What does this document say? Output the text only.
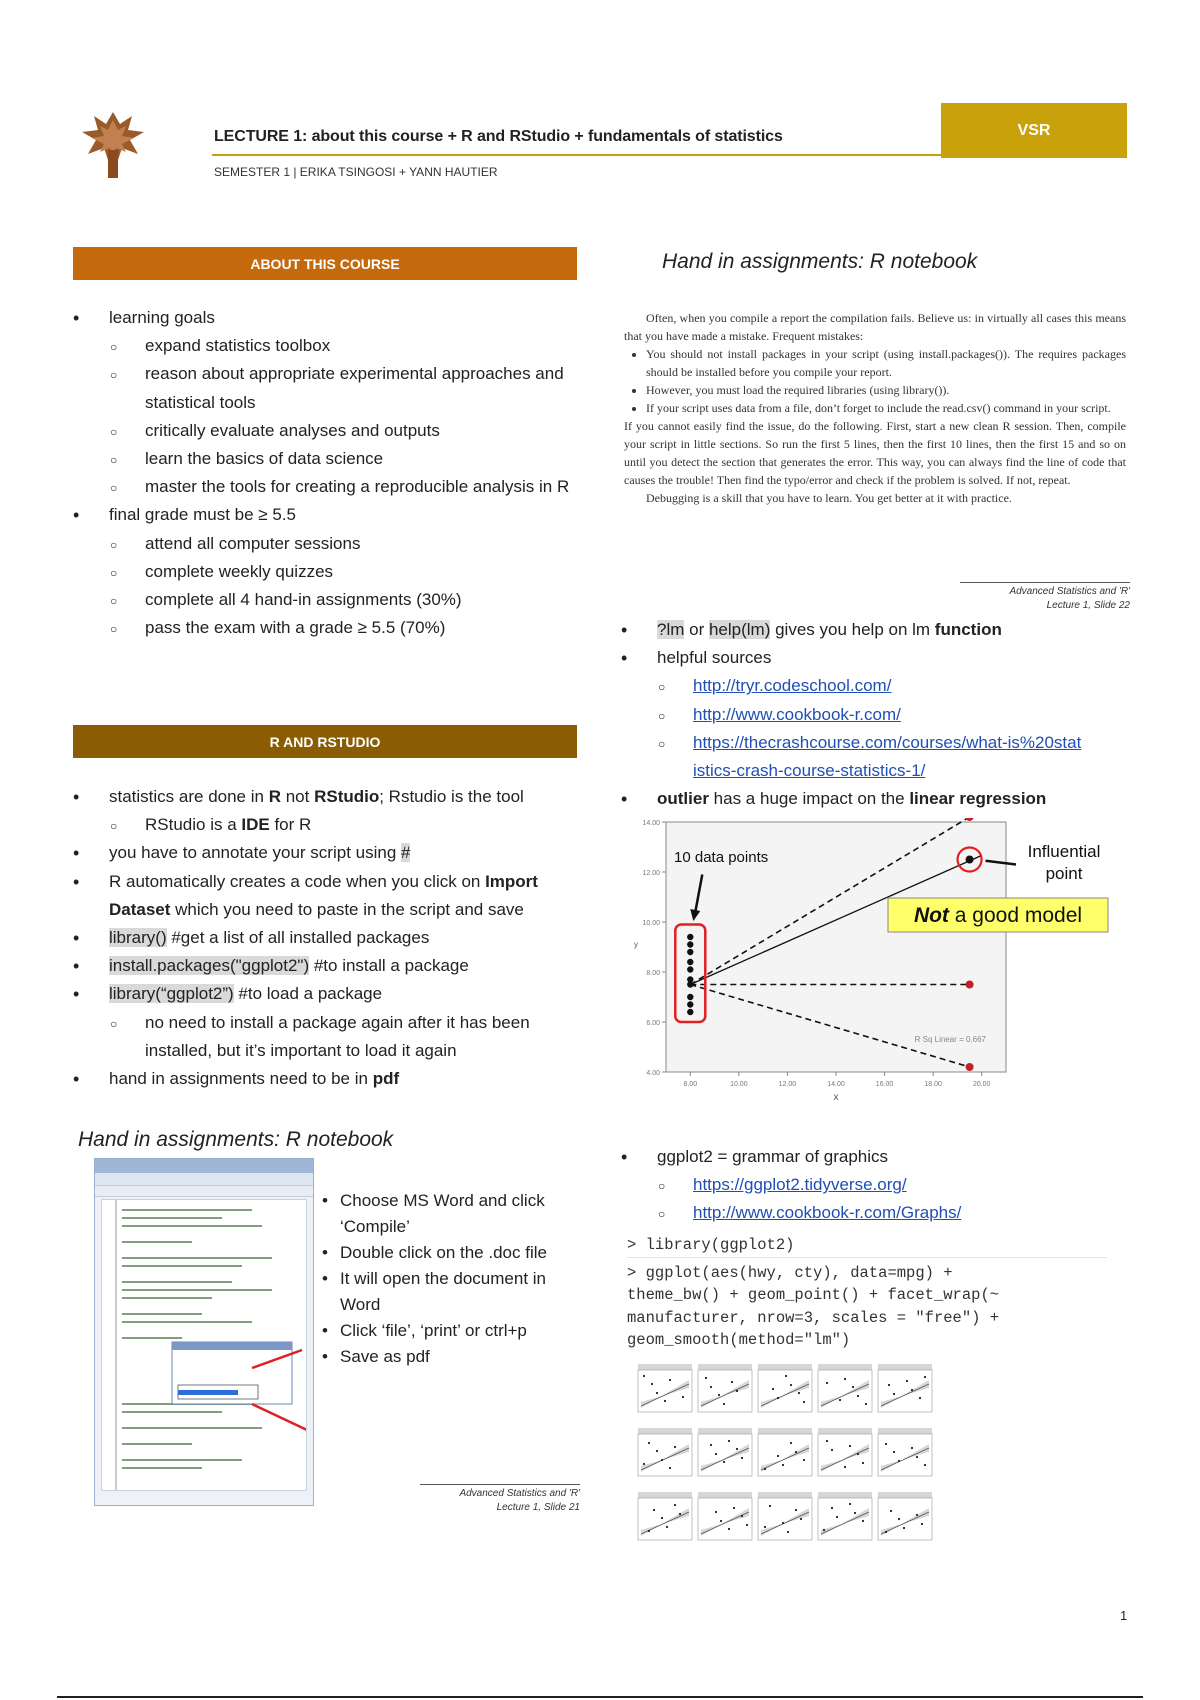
LECTURE 1: about this course + R and RStudio + fundamentals of statistics
SEMESTER 1 | ERIKA TSINGOSI + YANN HAUTIER
VSR
ABOUT THIS COURSE
• learning goals
○ expand statistics toolbox
○ reason about appropriate experimental approaches and statistical tools
○ critically evaluate analyses and outputs
○ learn the basics of data science
○ master the tools for creating a reproducible analysis in R
• final grade must be ≥ 5.5
○ attend all computer sessions
○ complete weekly quizzes
○ complete all 4 hand-in assignments (30%)
○ pass the exam with a grade ≥ 5.5 (70%)
R AND RSTUDIO
• statistics are done in R not RStudio; Rstudio is the tool
○ RStudio is a IDE for R
• you have to annotate your script using #
• R automatically creates a code when you click on Import Dataset which you need to paste in the script and save
• library() #get a list of all installed packages
• install.packages("ggplot2") #to install a package
• library(“ggplot2”) #to load a package
○ no need to install a package again after it has been installed, but it’s important to load it again
• hand in assignments need to be in pdf
Hand in assignments: R notebook
• Choose MS Word and click ‘Compile’
• Double click on the .doc file
• It will open the document in Word
• Click ‘file’, ‘print’ or ctrl+p
• Save as pdf
Advanced Statistics and 'R'
Lecture 1, Slide 21
Hand in assignments: R notebook

Often, when you compile a report the compilation fails. Believe us: in virtually all cases this means that you have made a mistake. Frequent mistakes:

• You should not install packages in your script (using install.packages()). The requires packages should be installed before you compile your report.
• However, you must load the required libraries (using library()).
• If your script uses data from a file, don’t forget to include the read.csv() command in your script.

If you cannot easily find the issue, do the following. First, start a new clean R session. Then, compile your script in little sections. So run the first 5 lines, then the first 10 lines, then the first 15 and so on until you detect the section that generates the error. This way, you can always find the line of code that causes the trouble! Then find the typo/error and check if the problem is solved. If not, repeat.

Debugging is a skill that you have to learn. You get better at it with practice.

Advanced Statistics and 'R'
Lecture 1, Slide 22
• ?lm or help(lm) gives you help on lm function
• helpful sources
○ http://tryr.codeschool.com/
○ http://www.cookbook-r.com/
○ https://thecrashcourse.com/courses/what-is%20stat
istics-crash-course-statistics-1/
• outlier has a huge impact on the linear regression
4.00
6.00
8.00
10.00
12.00
14.00
8.00	10.00	12.00	14.00	16.00	18.00	20.00
x
y
10 data points	Influential
point
Not a good model
R Sq Linear = 0.667
• ggplot2 = grammar of graphics
○ https://ggplot2.tidyverse.org/
○ http://www.cookbook-r.com/Graphs/
> library(ggplot2)
> ggplot(aes(hwy, cty), data=mpg) +
theme_bw() + geom_point() + facet_wrap(~
manufacturer, nrow=3, scales = "free") +
geom_smooth(method="lm")
1
